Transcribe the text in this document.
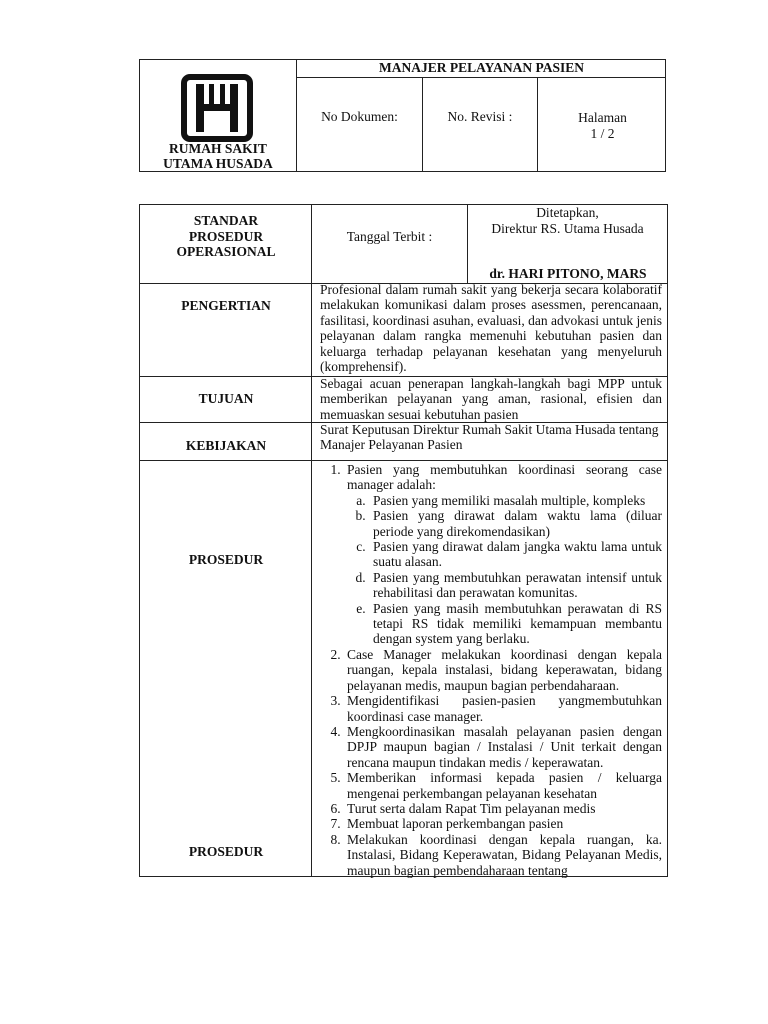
RUMAH SAKIT
UTAMA HUSADA
MANAJER PELAYANAN PASIEN
No Dokumen:	No. Revisi :	Halaman
1 / 2
STANDAR
PROSEDUR
OPERASIONAL
Tanggal Terbit :
Ditetapkan,
Direktur RS. Utama Husada
dr. HARI PITONO, MARS
PENGERTIAN
Profesional dalam rumah sakit yang bekerja secara kolaboratif melakukan komunikasi dalam proses asessmen, perencanaan, fasilitasi, koordinasi asuhan, evaluasi, dan advokasi untuk jenis pelayanan dalam rangka memenuhi kebutuhan pasien dan keluarga terhadap pelayanan kesehatan yang menyeluruh (komprehensif).
TUJUAN
Sebagai acuan penerapan langkah-langkah bagi MPP untuk memberikan pelayanan yang aman, rasional, efisien dan memuaskan sesuai kebutuhan pasien
KEBIJAKAN
Surat Keputusan Direktur Rumah Sakit Utama Husada tentang Manajer Pelayanan Pasien
PROSEDUR
PROSEDUR
1. Pasien yang membutuhkan koordinasi seorang case manager adalah:
a. Pasien yang memiliki masalah multiple, kompleks
b. Pasien yang dirawat dalam waktu lama (diluar periode yang direkomendasikan)
c. Pasien yang dirawat dalam jangka waktu lama untuk suatu alasan.
d. Pasien yang membutuhkan perawatan intensif untuk rehabilitasi dan perawatan komunitas.
e. Pasien yang masih membutuhkan perawatan di RS tetapi RS tidak memiliki kemampuan membantu dengan system yang berlaku.
2. Case Manager melakukan koordinasi dengan kepala ruangan, kepala instalasi, bidang keperawatan, bidang pelayanan medis, maupun bagian perbendaharaan.
3. Mengidentifikasi pasien-pasien yangmembutuhkan koordinasi case manager.
4. Mengkoordinasikan masalah pelayanan pasien dengan DPJP maupun bagian / Instalasi / Unit terkait dengan rencana maupun tindakan medis / keperawatan.
5. Memberikan informasi kepada pasien / keluarga mengenai perkembangan pelayanan kesehatan
6. Turut serta dalam Rapat Tim pelayanan medis
7. Membuat laporan perkembangan pasien
8. Melakukan koordinasi dengan kepala ruangan, ka. Instalasi, Bidang Keperawatan, Bidang Pelayanan Medis, maupun bagian pembendaharaan tentang
